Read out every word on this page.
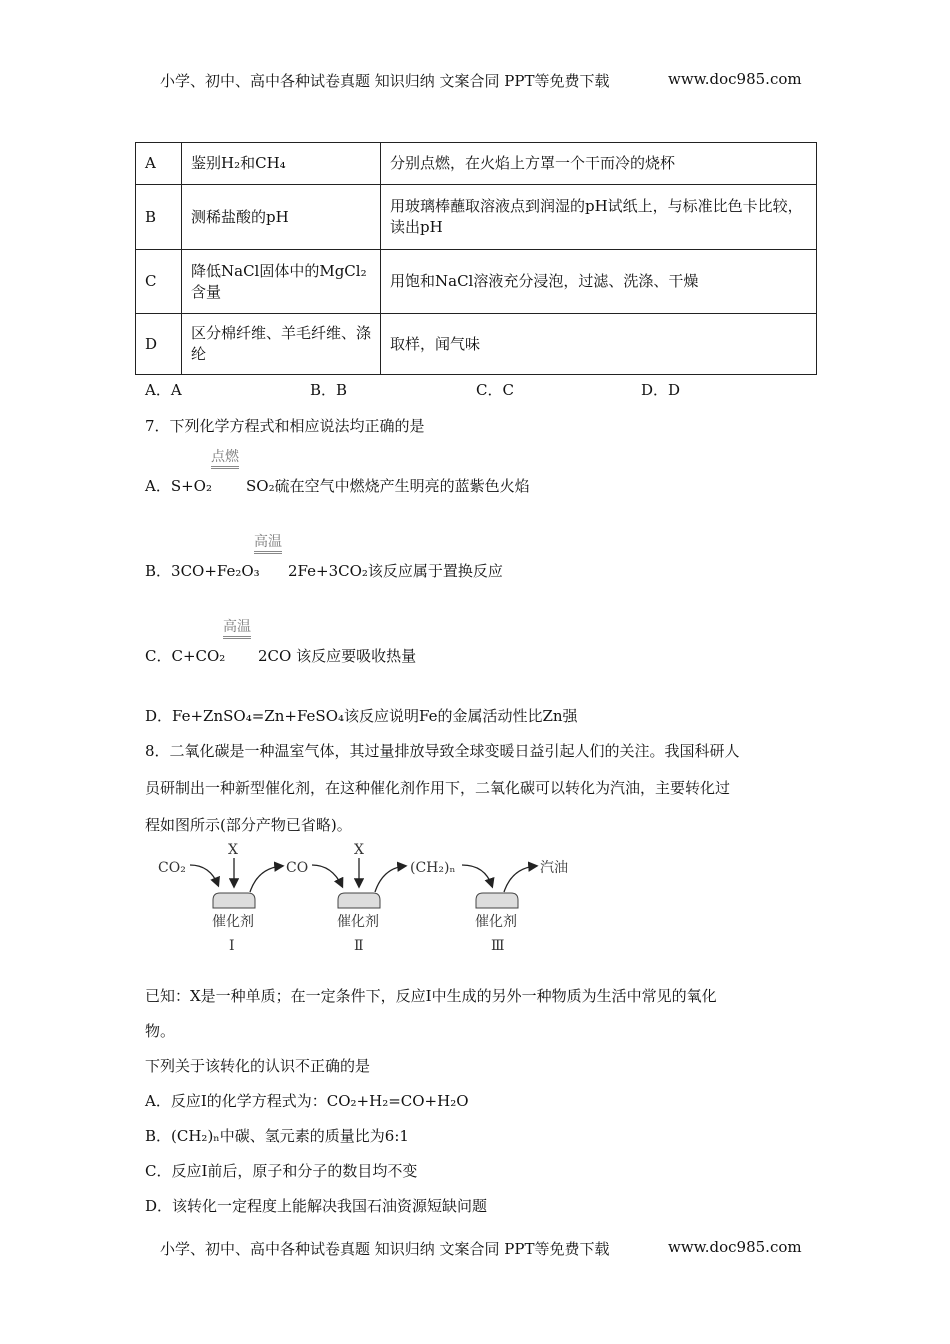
小学、初中、高中各种试卷真题 知识归纳 文案合同 PPT等免费下载	www.doc985.com
A	鉴别H₂和CH₄	分别点燃，在火焰上方罩一个干而冷的烧杯
B	测稀盐酸的pH	用玻璃棒蘸取溶液点到润湿的pH试纸上，与标准比色卡比较，读出pH
C	降低NaCl固体中的MgCl₂含量	用饱和NaCl溶液充分浸泡，过滤、洗涤、干燥
D	区分棉纤维、羊毛纤维、涤纶	取样，闻气味
A．A	B．B	C．C	D．D
7．下列化学方程式和相应说法均正确的是
点燃
A．S+O₂ SO₂硫在空气中燃烧产生明亮的蓝紫色火焰
高温
B．3CO+Fe₂O₃ 2Fe+3CO₂该反应属于置换反应
高温
C．C+CO₂ 2CO 该反应要吸收热量
D．Fe+ZnSO₄=Zn+FeSO₄该反应说明Fe的金属活动性比Zn强
8．二氧化碳是一种温室气体，其过量排放导致全球变暖日益引起人们的关注。我国科研人
员研制出一种新型催化剂，在这种催化剂作用下，二氧化碳可以转化为汽油，主要转化过
程如图所示(部分产物已省略)。
CO₂
X
CO
X
(CH₂)ₙ	汽油
催化剂	催化剂	催化剂
Ⅰ	Ⅱ	Ⅲ
已知：X是一种单质；在一定条件下，反应Ⅰ中生成的另外一种物质为生活中常见的氧化
物。
下列关于该转化的认识不正确的是
A．反应Ⅰ的化学方程式为：CO₂+H₂=CO+H₂O
B．(CH₂)ₙ中碳、氢元素的质量比为6:1
C．反应Ⅰ前后，原子和分子的数目均不变
D．该转化一定程度上能解决我国石油资源短缺问题
小学、初中、高中各种试卷真题 知识归纳 文案合同 PPT等免费下载	www.doc985.com
